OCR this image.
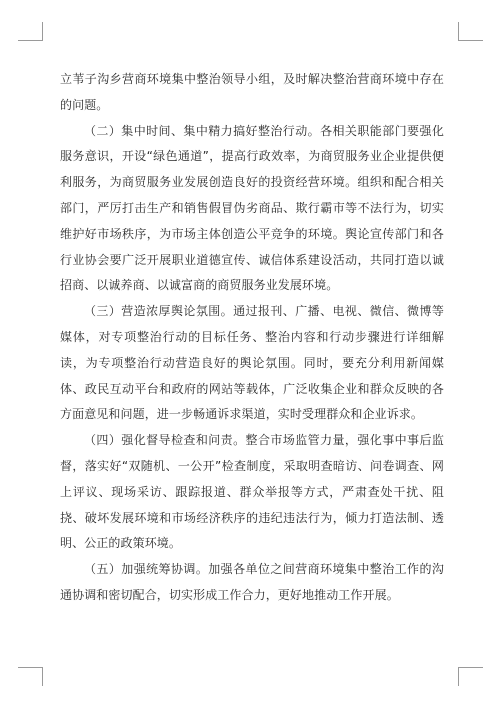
立苇子沟乡营商环境集中整治领导小组，及时解决整治营商环境中存在的问题。

（二）集中时间、集中精力搞好整治行动。各相关职能部门要强化服务意识，开设“绿色通道”，提高行政效率，为商贸服务业企业提供便利服务，为商贸服务业发展创造良好的投资经营环境。组织和配合相关部门，严厉打击生产和销售假冒伪劣商品、欺行霸市等不法行为，切实维护好市场秩序，为市场主体创造公平竞争的环境。舆论宣传部门和各行业协会要广泛开展职业道德宣传、诚信体系建设活动，共同打造以诚招商、以诚养商、以诚富商的商贸服务业发展环境。

（三）营造浓厚舆论氛围。通过报刊、广播、电视、微信、微博等媒体，对专项整治行动的目标任务、整治内容和行动步骤进行详细解读，为专项整治行动营造良好的舆论氛围。同时，要充分利用新闻媒体、政民互动平台和政府的网站等载体，广泛收集企业和群众反映的各方面意见和问题，进一步畅通诉求渠道，实时受理群众和企业诉求。

（四）强化督导检查和问责。整合市场监管力量，强化事中事后监督，落实好“双随机、一公开”检查制度，采取明查暗访、问卷调查、网上评议、现场采访、跟踪报道、群众举报等方式，严肃查处干扰、阻挠、破坏发展环境和市场经济秩序的违纪违法行为，倾力打造法制、透明、公正的政策环境。

（五）加强统筹协调。加强各单位之间营商环境集中整治工作的沟通协调和密切配合，切实形成工作合力，更好地推动工作开展。
